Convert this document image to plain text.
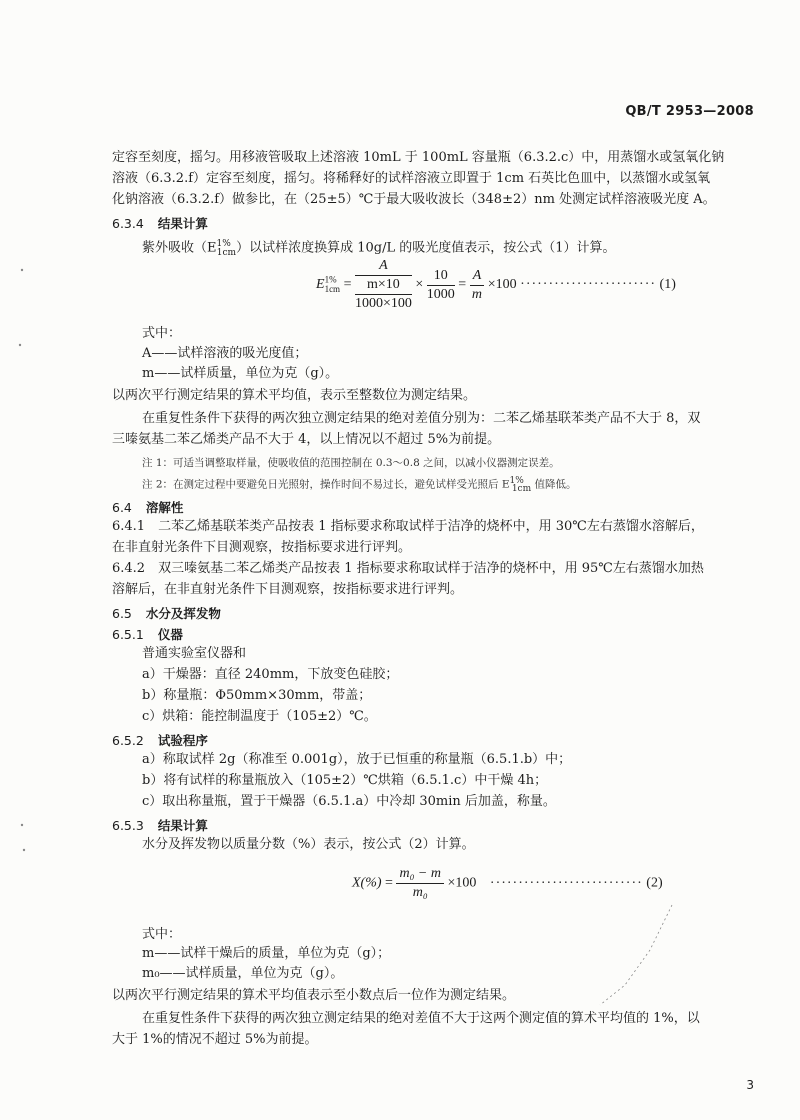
QB/T 2953—2008
定容至刻度，摇匀。用移液管吸取上述溶液 10mL 于 100mL 容量瓶（6.3.2.c）中，用蒸馏水或氢氧化钠
溶液（6.3.2.f）定容至刻度，摇匀。将稀释好的试样溶液立即置于 1cm 石英比色皿中，以蒸馏水或氢氧
化钠溶液（6.3.2.f）做参比，在（25±5）℃于最大吸收波长（348±2）nm 处测定试样溶液吸光度 A。
6.3.4 结果计算
紫外吸收$(E^{1\%}_{1cm})$以试样浓度换算成 10g/L 的吸光度值表示，按公式（1）计算。
$E^{1\%}_{1cm} = \frac{A}{\frac{m\times 10}{1000\times 100}} \times \frac{10}{1000} = \frac{A}{m} \times 100$ ························ (1)
式中：
A——试样溶液的吸光度值；
m——试样质量，单位为克（g）。
以两次平行测定结果的算术平均值，表示至整数位为测定结果。
在重复性条件下获得的两次独立测定结果的绝对差值分别为：二苯乙烯基联苯类产品不大于 8，双
三嗪氨基二苯乙烯类产品不大于 4，以上情况以不超过 5%为前提。
注 1：可适当调整取样量，使吸收值的范围控制在 0.3～0.8 之间，以减小仪器测定误差。
注 2：在测定过程中要避免日光照射，操作时间不易过长，避免试样受光照后 $E^{1\%}_{1cm}$ 值降低。
6.4 溶解性
6.4.1　二苯乙烯基联苯类产品按表 1 指标要求称取试样于洁净的烧杯中，用 30℃左右蒸馏水溶解后，
在非直射光条件下目测观察，按指标要求进行评判。
6.4.2　双三嗪氨基二苯乙烯类产品按表 1 指标要求称取试样于洁净的烧杯中，用 95℃左右蒸馏水加热
溶解后，在非直射光条件下目测观察，按指标要求进行评判。
6.5 水分及挥发物
6.5.1 仪器
普通实验室仪器和
a）干燥器：直径 240mm，下放变色硅胶；
b）称量瓶：Φ50mm×30mm，带盖；
c）烘箱：能控制温度于（105±2）℃。
6.5.2 试验程序
a）称取试样 2g（称准至 0.001g），放于已恒重的称量瓶（6.5.1.b）中；
b）将有试样的称量瓶放入（105±2）℃烘箱（6.5.1.c）中干燥 4h；
c）取出称量瓶，置于干燥器（6.5.1.a）中冷却 30min 后加盖，称量。
6.5.3 结果计算
水分及挥发物以质量分数（%）表示，按公式（2）计算。
$X(\%) = \frac{\text{m₀ − m}}{\text{m₀}} \times 100$ ··························· (2)
式中：
m——试样干燥后的质量，单位为克（g）；
m₀——试样质量，单位为克（g）。
以两次平行测定结果的算术平均值表示至小数点后一位作为测定结果。
在重复性条件下获得的两次独立测定结果的绝对差值不大于这两个测定值的算术平均值的 1%，以
大于 1%的情况不超过 5%为前提。
3
